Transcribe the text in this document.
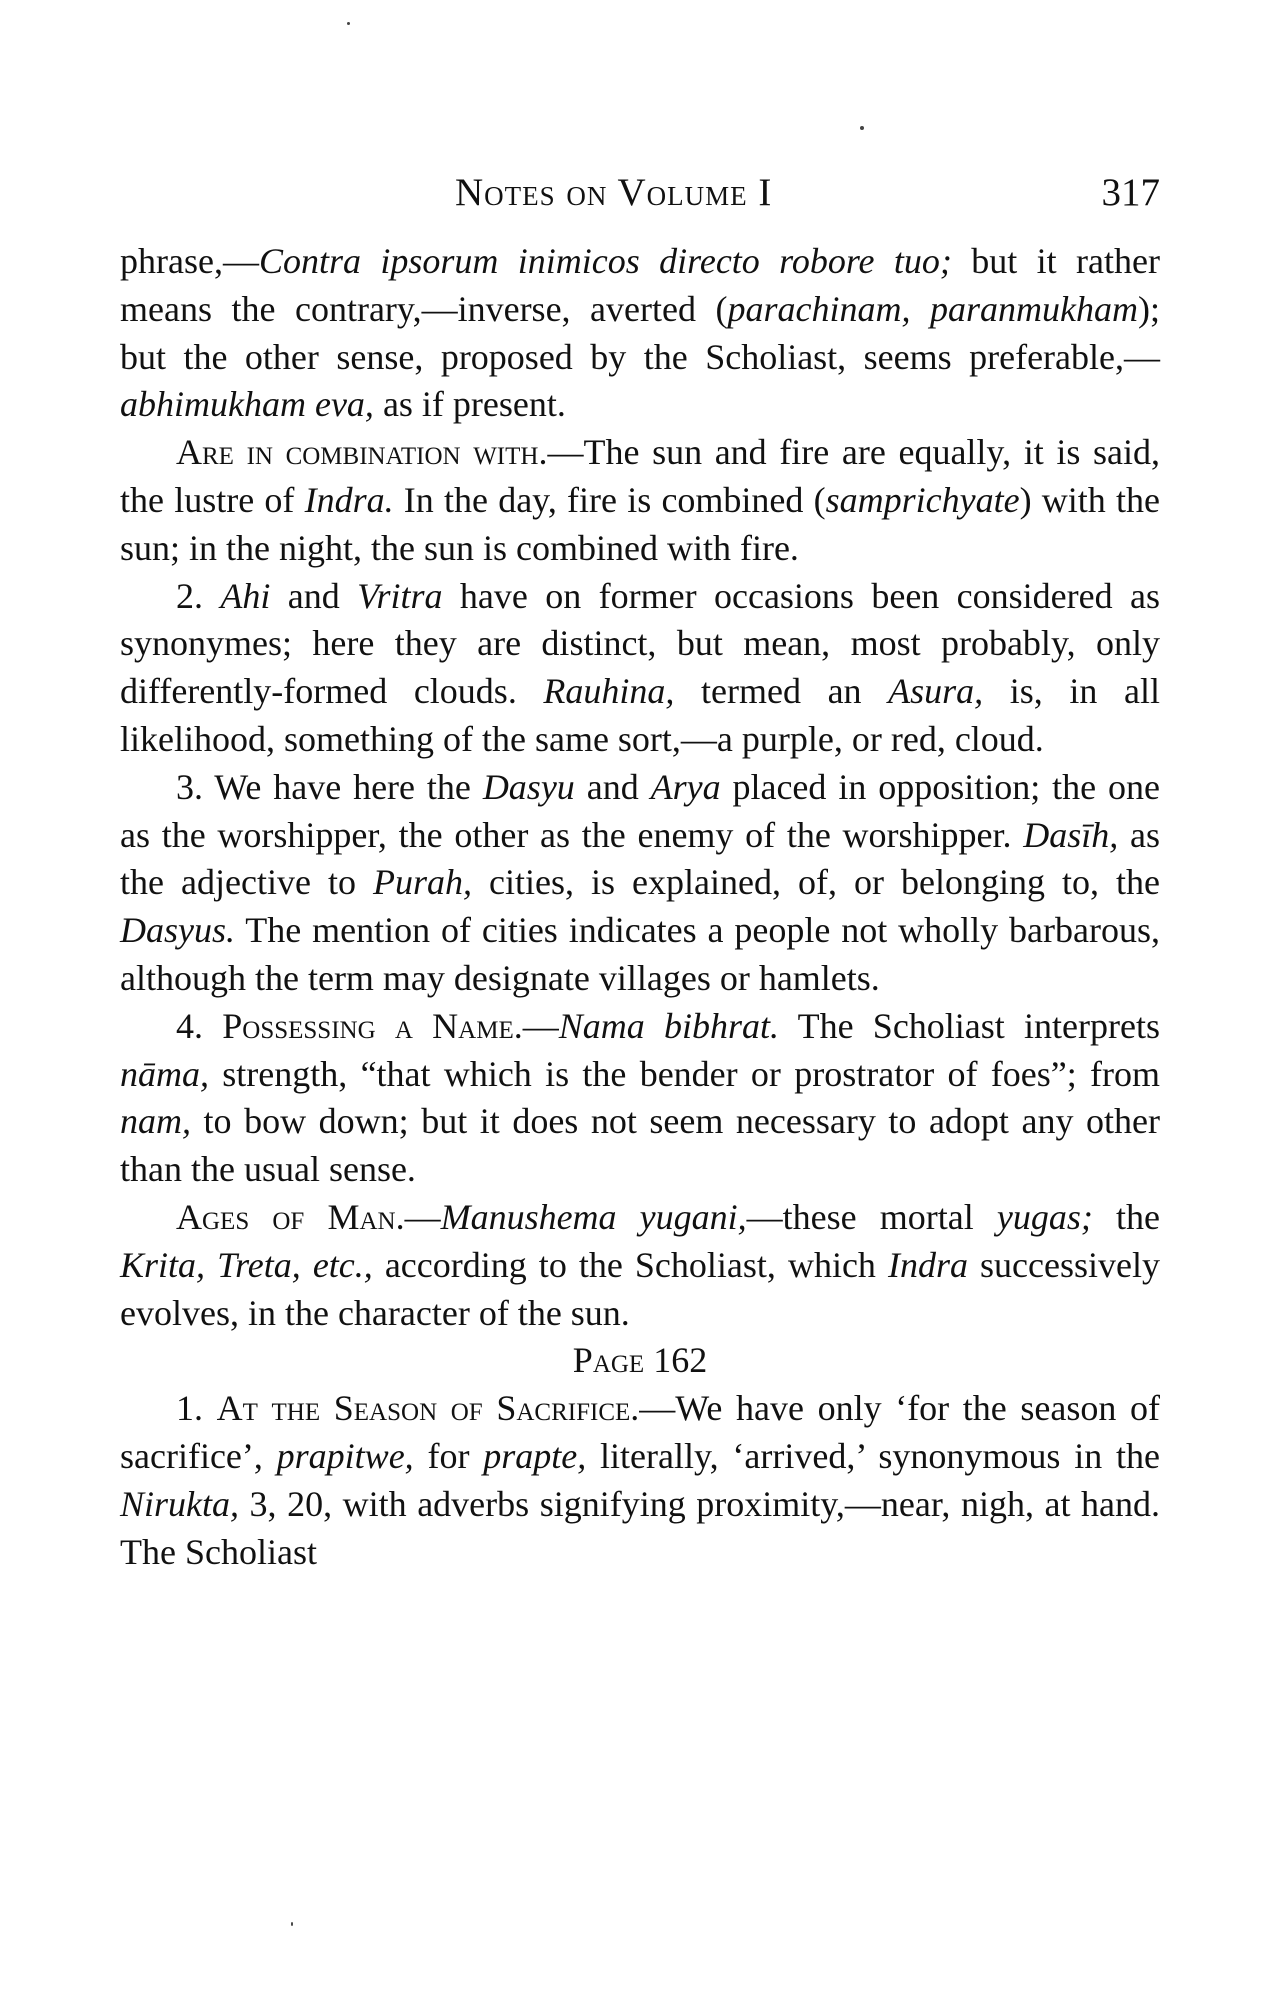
Notes on Volume I	317

phrase,—Contra ipsorum inimicos directo robore tuo; but it rather means the contrary,—inverse, averted (parachinam, paranmukham); but the other sense, proposed by the Scholiast, seems preferable,—abhimukham eva, as if present.

Are in combination with.—The sun and fire are equally, it is said, the lustre of Indra. In the day, fire is combined (samprichyate) with the sun; in the night, the sun is combined with fire.

2. Ahi and Vritra have on former occasions been considered as synonymes; here they are distinct, but mean, most probably, only differently-formed clouds. Rauhina, termed an Asura, is, in all likelihood, something of the same sort,—a purple, or red, cloud.

3. We have here the Dasyu and Arya placed in opposition; the one as the worshipper, the other as the enemy of the worshipper. Dasīh, as the adjective to Purah, cities, is explained, of, or belonging to, the Dasyus. The mention of cities indicates a people not wholly barbarous, although the term may designate villages or hamlets.

4. Possessing a Name.—Nama bibhrat. The Scholiast interprets nāma, strength, “that which is the bender or prostrator of foes”; from nam, to bow down; but it does not seem necessary to adopt any other than the usual sense.

Ages of Man.—Manushema yugani,—these mortal yugas; the Krita, Treta, etc., according to the Scholiast, which Indra successively evolves, in the character of the sun.

Page 162

1. At the Season of Sacrifice.—We have only ‘for the season of sacrifice’, prapitwe, for prapte, literally, ‘arrived,’ synonymous in the Nirukta, 3, 20, with adverbs signifying proximity,—near, nigh, at hand. The Scholiast
